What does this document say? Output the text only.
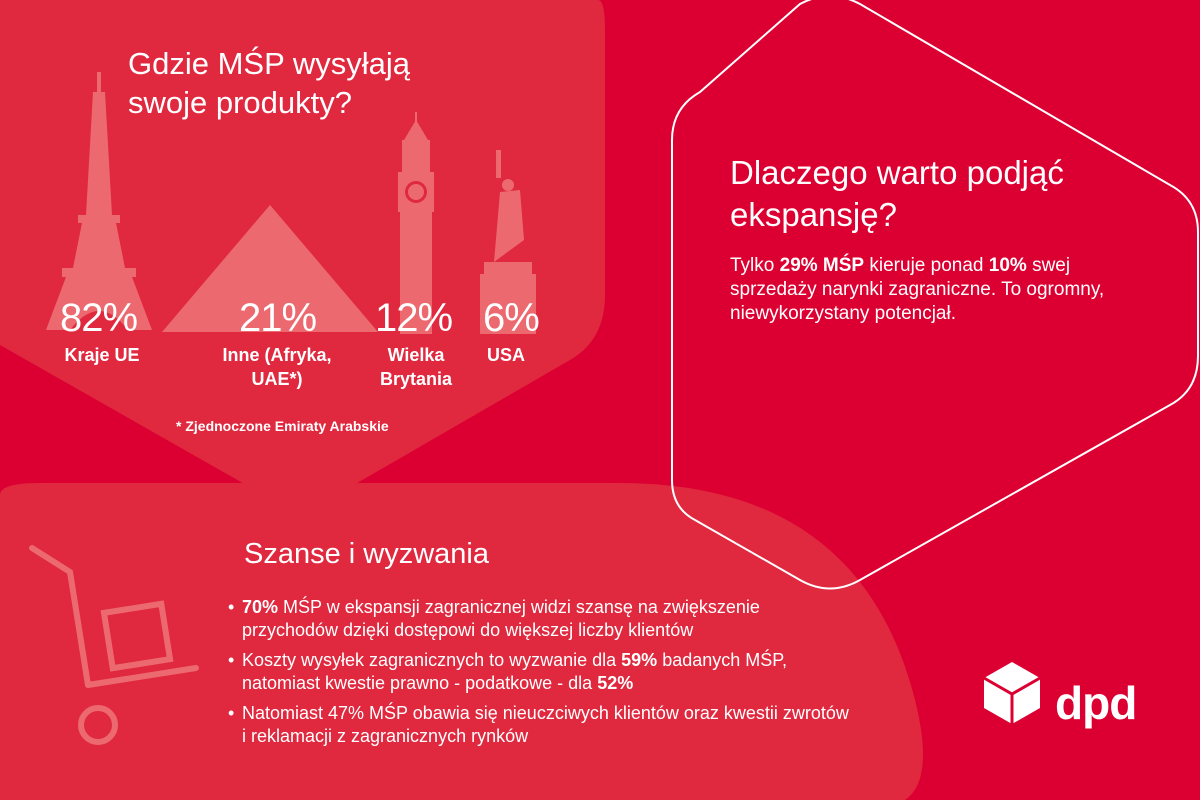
dpd

Gdzie MŚP wysyłają

swoje produkty?

82%
Kraje UE
21%
Inne (Afryka,
UAE*)
12%
Wielka
Brytania
6%
USA
* Zjednoczone Emiraty Arabskie

Dlaczego warto podjąć

ekspansję?

Tylko 29% MŚP kieruje ponad 10% swej sprzedaży narynki zagraniczne. To ogromny, niewykorzystany potencjał.

Szanse i wyzwania

• 70% MŚP w ekspansji zagranicznej widzi szansę na zwiększenie przychodów dzięki dostępowi do większej liczby klientów
• Koszty wysyłek zagranicznych to wyzwanie dla 59% badanych MŚP, natomiast kwestie prawno - podatkowe - dla 52%
• Natomiast 47% MŚP obawia się nieuczciwych klientów oraz kwestii zwrotów i reklamacji z zagranicznych rynków
